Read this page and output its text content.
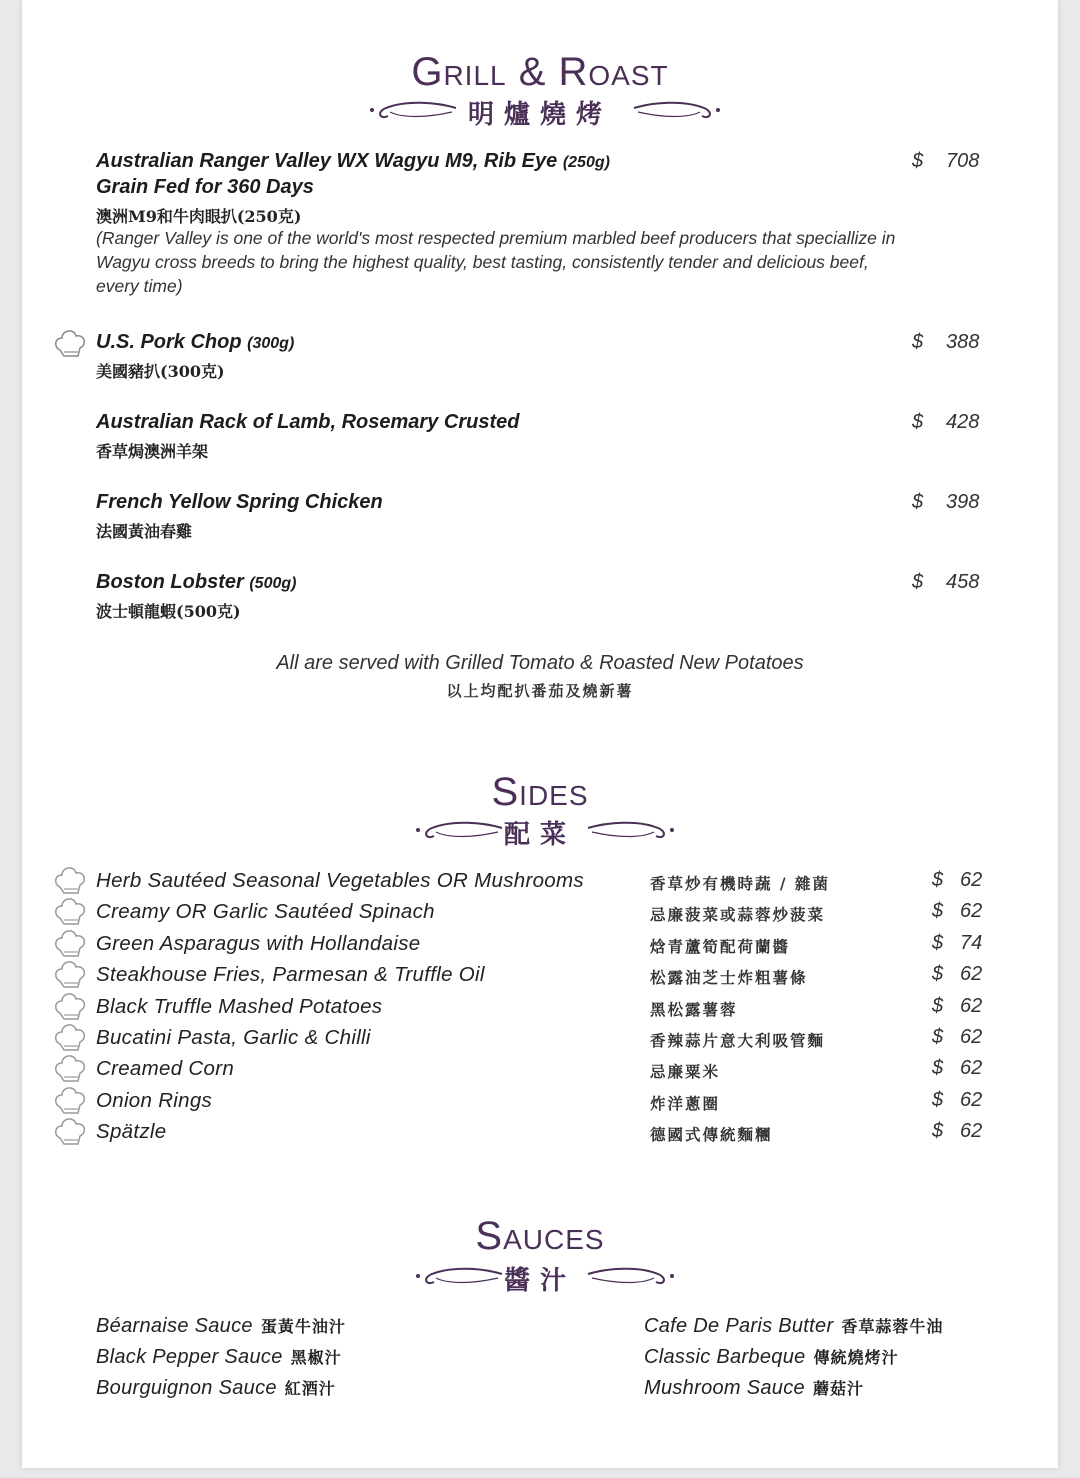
Grill & Roast
明爐燒烤
Australian Ranger Valley WX Wagyu M9, Rib Eye (250g)
Grain Fed for 360 Days
澳洲M9和牛肉眼扒(250克)
(Ranger Valley is one of the world's most respected premium marbled beef producers that speciallize in Wagyu cross breeds to bring the highest quality, best tasting, consistently tender and delicious beef, every time)
$ 708
U.S. Pork Chop (300g)
美國豬扒(300克)
$ 388
Australian Rack of Lamb, Rosemary Crusted
香草焗澳洲羊架
$ 428
French Yellow Spring Chicken
法國黃油春雞
$ 398
Boston Lobster (500g)
波士頓龍蝦(500克)
$ 458
All are served with Grilled Tomato & Roasted New Potatoes
以上均配扒番茄及燒新薯
Sides
配菜
Herb Sautéed Seasonal Vegetables OR Mushrooms	香草炒有機時蔬 / 雜菌	$ 62
Creamy OR Garlic Sautéed Spinach	忌廉菠菜或蒜蓉炒菠菜	$ 62
Green Asparagus with Hollandaise	焓青蘆筍配荷蘭醬	$ 74
Steakhouse Fries, Parmesan & Truffle Oil	松露油芝士炸粗薯條	$ 62
Black Truffle Mashed Potatoes	黑松露薯蓉	$ 62
Bucatini Pasta, Garlic & Chilli	香辣蒜片意大利吸管麵	$ 62
Creamed Corn	忌廉粟米	$ 62
Onion Rings	炸洋蔥圈	$ 62
Spätzle	德國式傳統麵糰	$ 62
Sauces
醬汁
Béarnaise Sauce 蛋黃牛油汁
Black Pepper Sauce 黑椒汁
Bourguignon Sauce 紅酒汁
Cafe De Paris Butter 香草蒜蓉牛油
Classic Barbeque 傳統燒烤汁
Mushroom Sauce 蘑菇汁
